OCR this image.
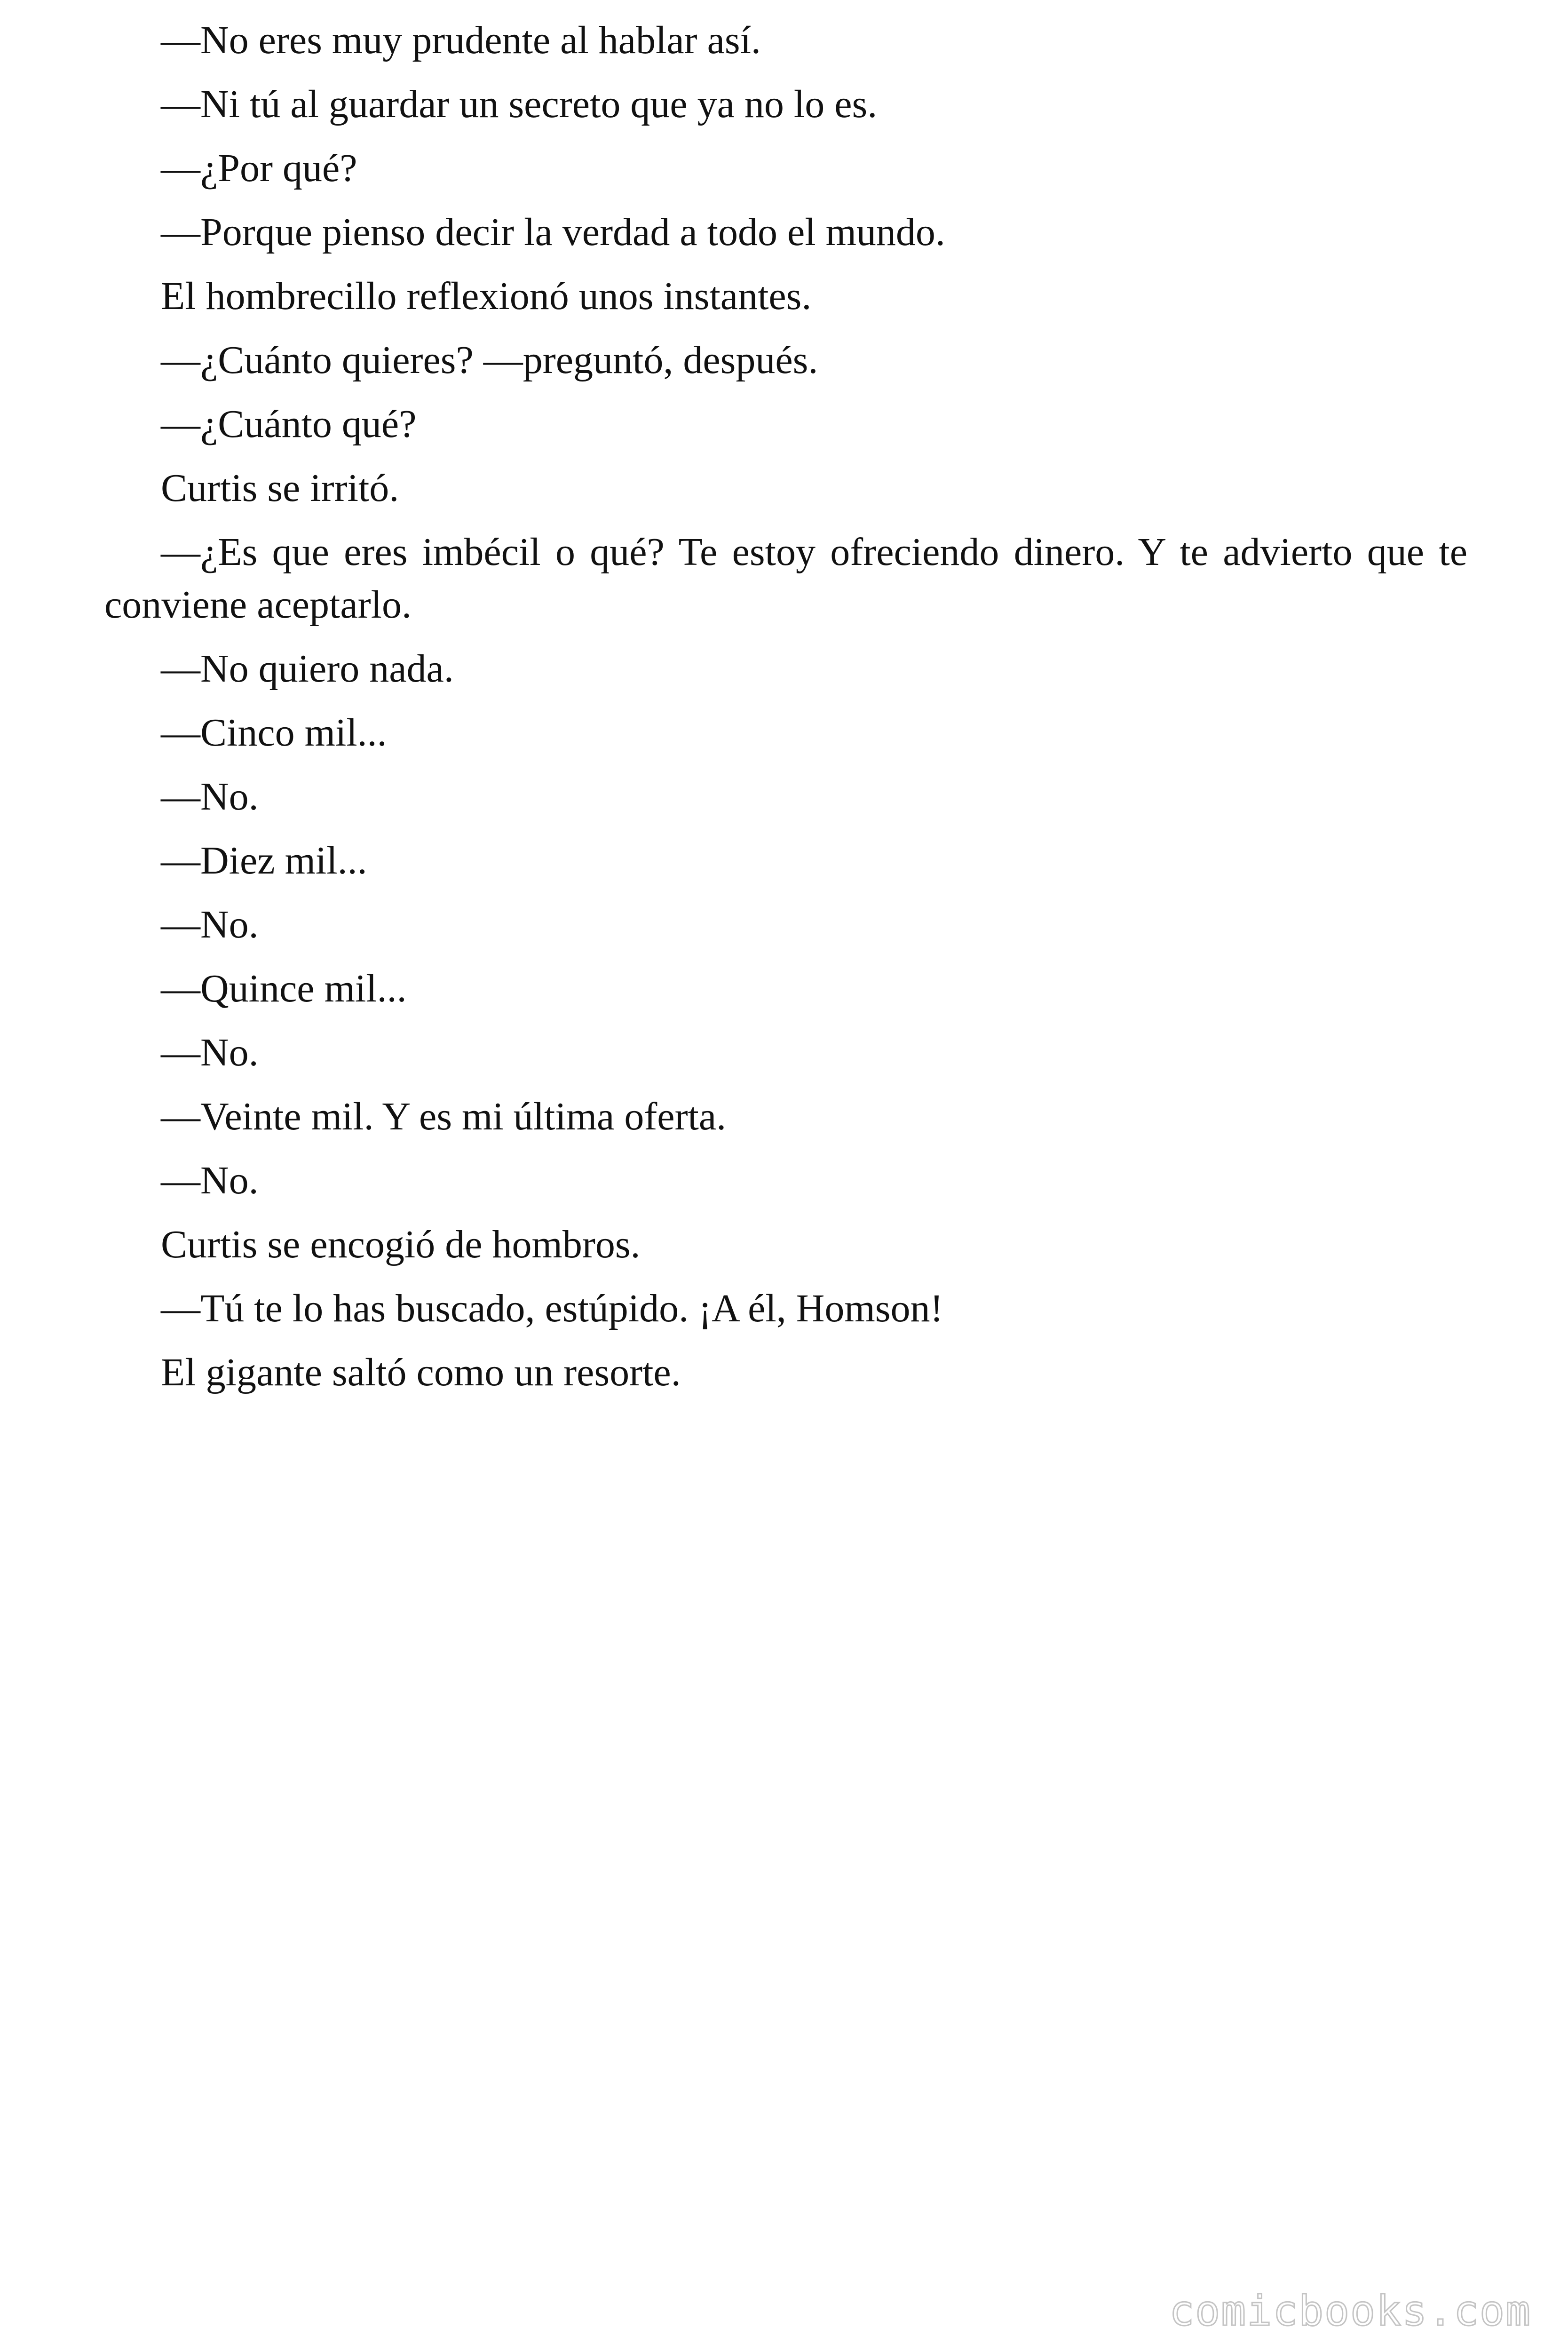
—No eres muy prudente al hablar así.

—Ni tú al guardar un secreto que ya no lo es.

—¿Por qué?

—Porque pienso decir la verdad a todo el mundo.

El hombrecillo reflexionó unos instantes.

—¿Cuánto quieres? —preguntó, después.

—¿Cuánto qué?

Curtis se irritó.

—¿Es que eres imbécil o qué? Te estoy ofreciendo dinero. Y te advierto que te conviene aceptarlo.

—No quiero nada.

—Cinco mil...

—No.

—Diez mil...

—No.

—Quince mil...

—No.

—Veinte mil. Y es mi última oferta.

—No.

Curtis se encogió de hombros.

—Tú te lo has buscado, estúpido. ¡A él, Homson!

El gigante saltó como un resorte.

comicbooks.com
